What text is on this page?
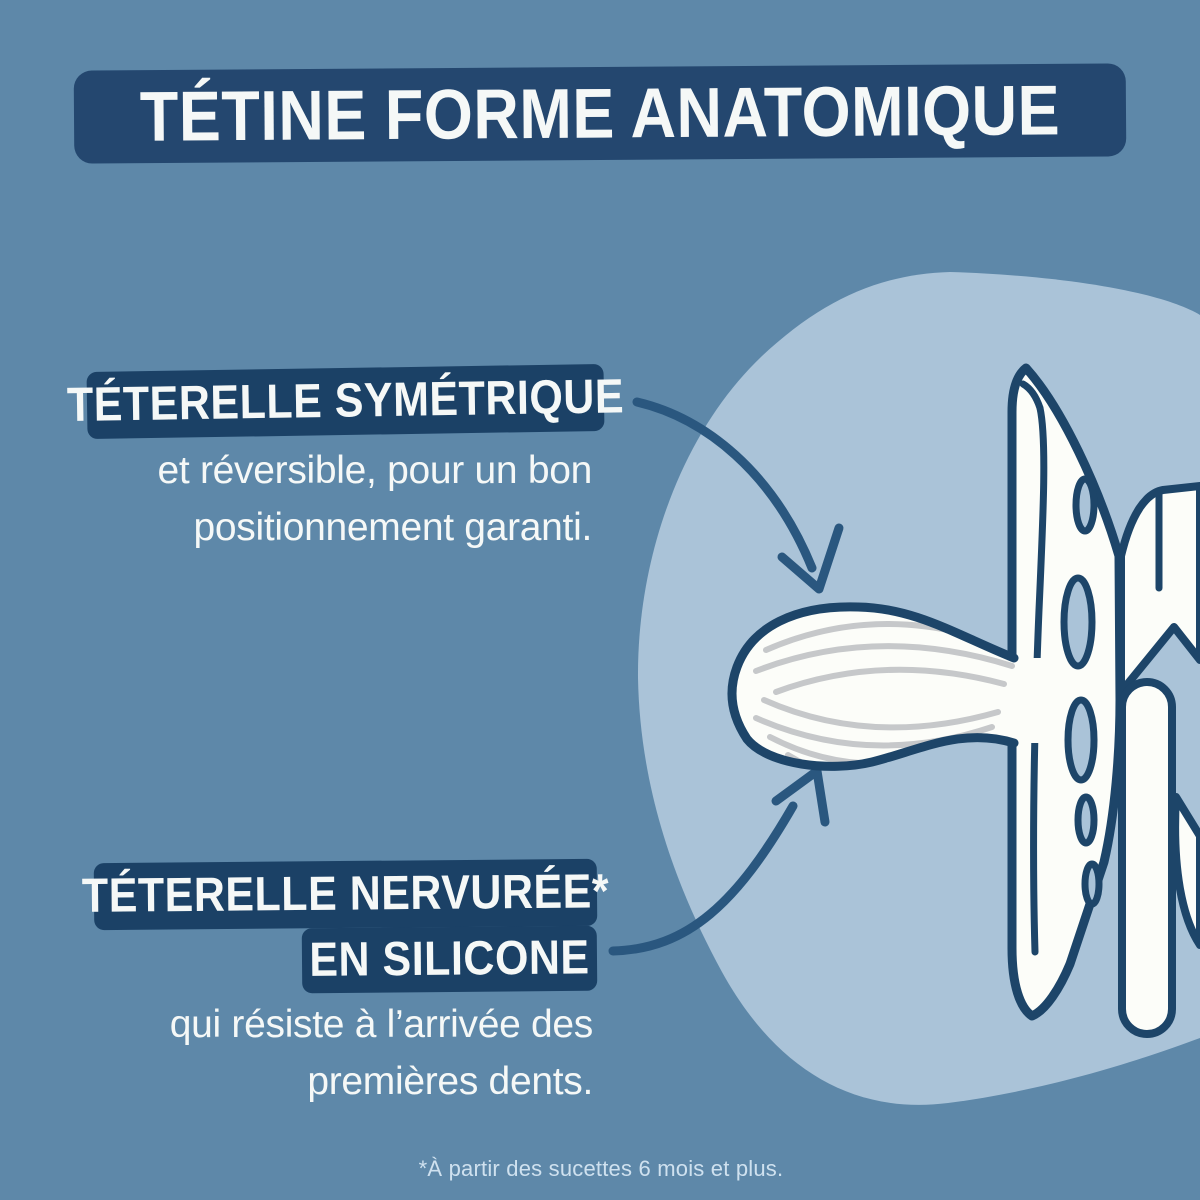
TÉTINE FORME ANATOMIQUE
TÉTERELLE SYMÉTRIQUE
et réversible, pour un bon
positionnement garanti.
TÉTERELLE NERVURÉE*
EN SILICONE
qui résiste à l’arrivée des
premières dents.
*À partir des sucettes 6 mois et plus.
